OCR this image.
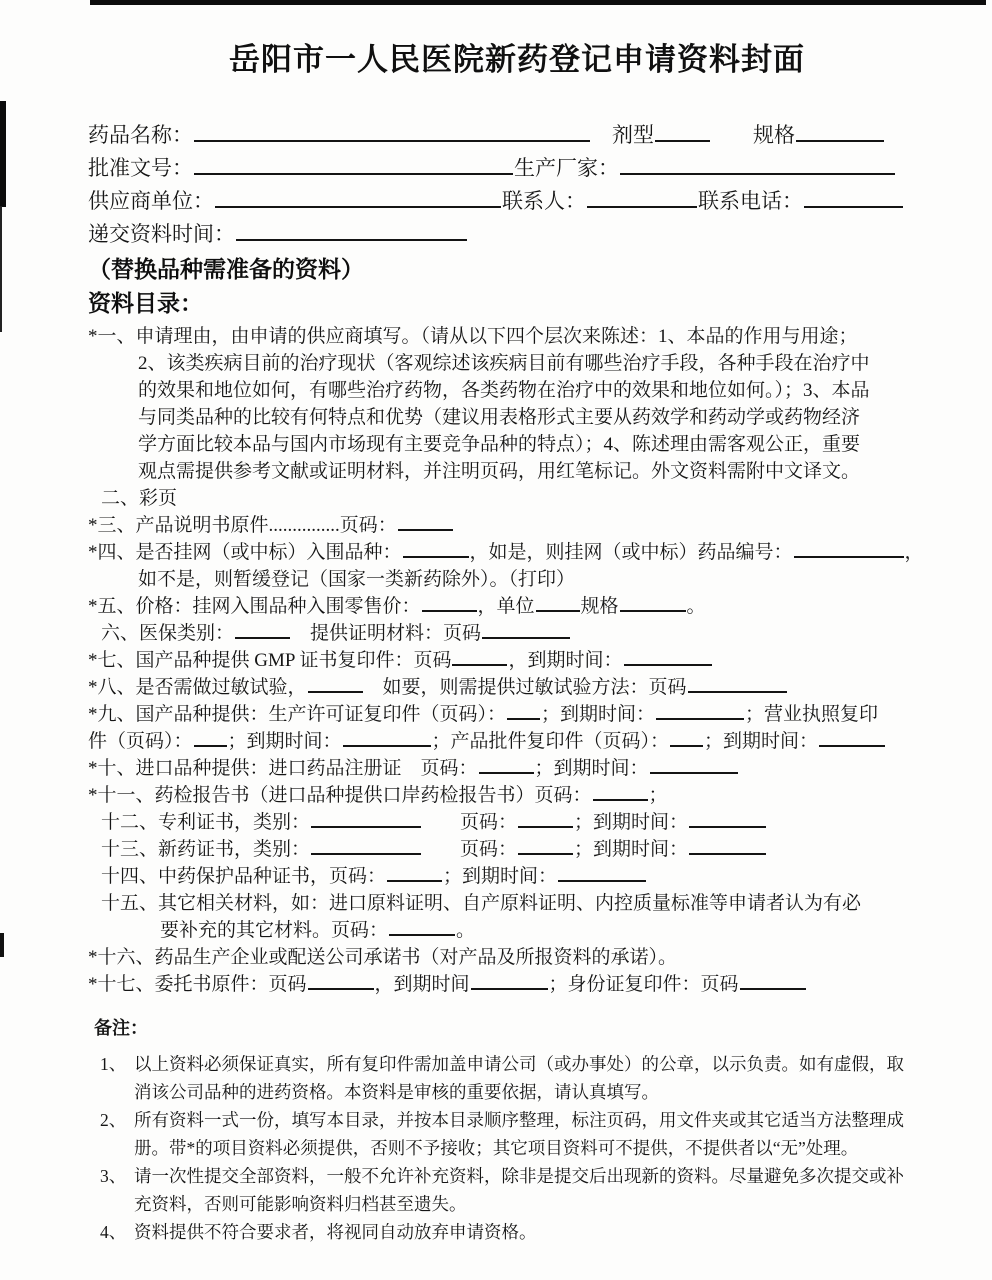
岳阳市一人民医院新药登记申请资料封面
药品名称：	　剂型	　　规格
批准文号：	生产厂家：
供应商单位：	联系人：	联系电话：
递交资料时间：
（替换品种需准备的资料）
资料目录：
*一、申请理由，由申请的供应商填写。（请从以下四个层次来陈述：1、本品的作用与用途；
2、该类疾病目前的治疗现状（客观综述该疾病目前有哪些治疗手段，各种手段在治疗中
的效果和地位如何，有哪些治疗药物，各类药物在治疗中的效果和地位如何。）；3、本品
与同类品种的比较有何特点和优势（建议用表格形式主要从药效学和药动学或药物经济
学方面比较本品与国内市场现有主要竞争品种的特点）；4、陈述理由需客观公正，重要
观点需提供参考文献或证明材料，并注明页码，用红笔标记。外文资料需附中文译文。
二、彩页
*三、产品说明书原件...............页码：
*四、是否挂网（或中标）入围品种：	，如是，则挂网（或中标）药品编号：	，
如不是，则暂缓登记（国家一类新药除外）。（打印）
*五、价格：挂网入围品种入围零售价：	，单位 规格	。
六、医保类别：	　提供证明材料：页码
*七、国产品种提供 GMP 证书复印件：页码	，到期时间：
*八、是否需做过敏试验，	　如要，则需提供过敏试验方法：页码
*九、国产品种提供：生产许可证复印件（页码）： ；到期时间：	；营业执照复印
件（页码）： ；到期时间：	；产品批件复印件（页码）： ；到期时间：
*十、进口品种提供：进口药品注册证　页码：	；到期时间：
*十一、药检报告书（进口品种提供口岸药检报告书）页码：	；
十二、专利证书，类别：	　　页码：	；到期时间：
十三、新药证书，类别：	　　页码：	；到期时间：
十四、中药保护品种证书，页码：	；到期时间：
十五、其它相关材料，如：进口原料证明、自产原料证明、内控质量标准等申请者认为有必
要补充的其它材料。页码：	。
*十六、药品生产企业或配送公司承诺书（对产品及所报资料的承诺）。
*十七、委托书原件：页码	，到期时间	；身份证复印件：页码
备注：
1、 以上资料必须保证真实，所有复印件需加盖申请公司（或办事处）的公章，以示负责。如有虚假，取
消该公司品种的进药资格。本资料是审核的重要依据，请认真填写。
2、 所有资料一式一份，填写本目录，并按本目录顺序整理，标注页码，用文件夹或其它适当方法整理成
册。带*的项目资料必须提供，否则不予接收；其它项目资料可不提供，不提供者以“无”处理。
3、 请一次性提交全部资料，一般不允许补充资料，除非是提交后出现新的资料。尽量避免多次提交或补
充资料，否则可能影响资料归档甚至遗失。
4、 资料提供不符合要求者，将视同自动放弃申请资格。
